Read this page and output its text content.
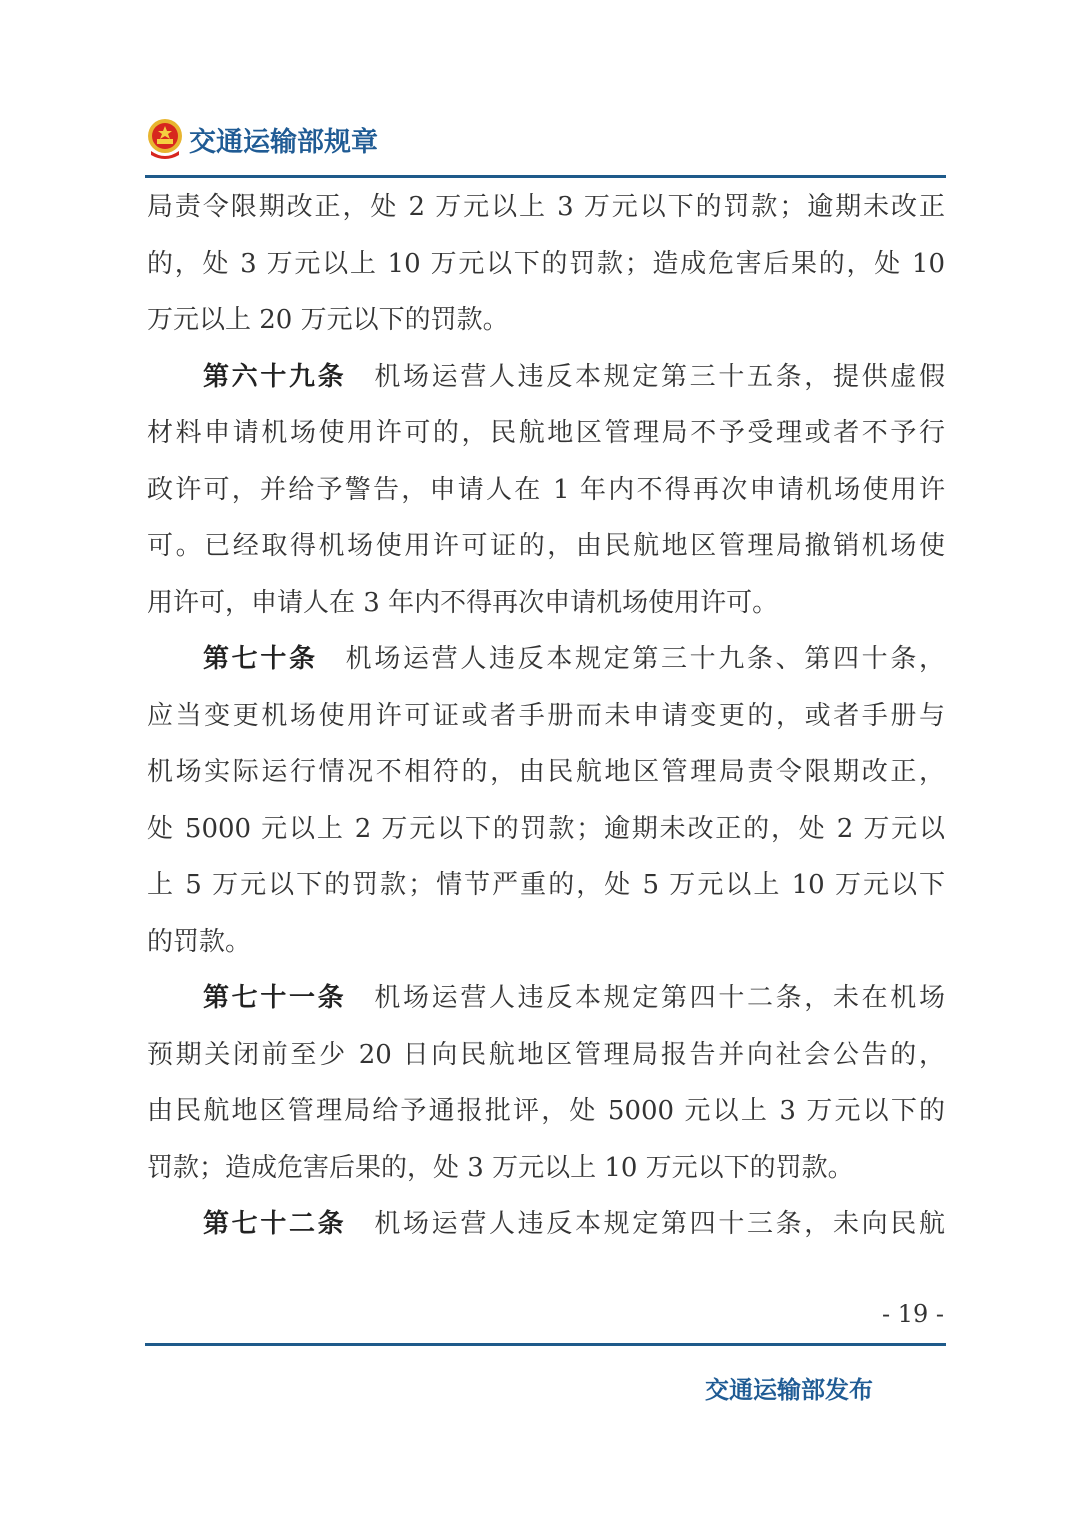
交通运输部规章
局责令限期改正，处 2 万元以上 3 万元以下的罚款；逾期未改正
的，处 3 万元以上 10 万元以下的罚款；造成危害后果的，处 10
万元以上 20 万元以下的罚款。
第六十九条 机场运营人违反本规定第三十五条，提供虚假
材料申请机场使用许可的，民航地区管理局不予受理或者不予行
政许可，并给予警告，申请人在 1 年内不得再次申请机场使用许
可。已经取得机场使用许可证的，由民航地区管理局撤销机场使
用许可，申请人在 3 年内不得再次申请机场使用许可。
第七十条 机场运营人违反本规定第三十九条、第四十条，
应当变更机场使用许可证或者手册而未申请变更的，或者手册与
机场实际运行情况不相符的，由民航地区管理局责令限期改正，
处 5000 元以上 2 万元以下的罚款；逾期未改正的，处 2 万元以
上 5 万元以下的罚款；情节严重的，处 5 万元以上 10 万元以下
的罚款。
第七十一条 机场运营人违反本规定第四十二条，未在机场
预期关闭前至少 20 日向民航地区管理局报告并向社会公告的，
由民航地区管理局给予通报批评，处 5000 元以上 3 万元以下的
罚款；造成危害后果的，处 3 万元以上 10 万元以下的罚款。
第七十二条 机场运营人违反本规定第四十三条，未向民航
- 19 -
交通运输部发布
